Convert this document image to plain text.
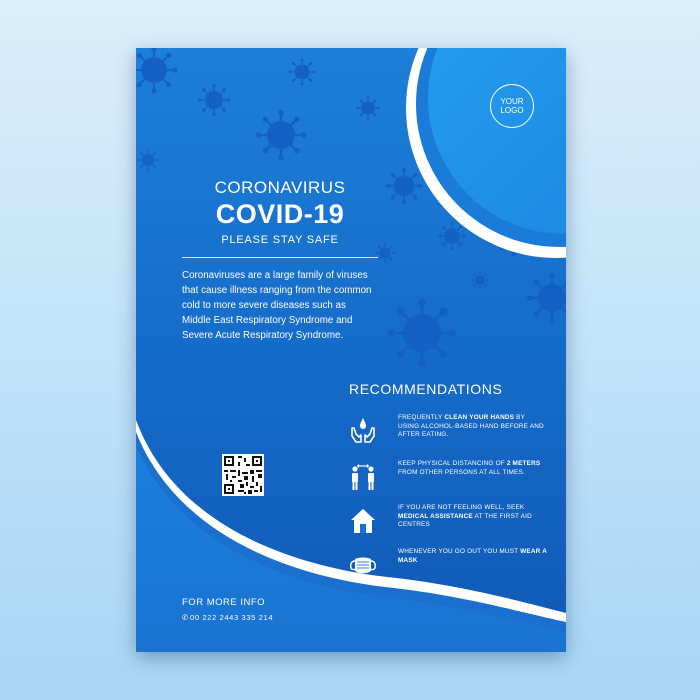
YOUR LOGO
CORONAVIRUS
COVID-19
PLEASE STAY SAFE
Coronaviruses are a large family of viruses that cause illness ranging from the common cold to more severe diseases such as Middle East Respiratory Syndrome and Severe Acute Respiratory Syndrome.
RECOMMENDATIONS
FREQUENTLY CLEAN YOUR HANDS BY USING ALCOHOL-BASED HAND BEFORE AND AFTER EATING.
KEEP PHYSICAL DISTANCING OF 2 METERS FROM OTHER PERSONS AT ALL TIMES.
IF YOU ARE NOT FEELING WELL, SEEK MEDICAL ASSISTANCE AT THE FIRST AID CENTRES
WHENEVER YOU GO OUT YOU MUST WEAR A MASK
FOR MORE INFO
✆00 222 2443 335 214
